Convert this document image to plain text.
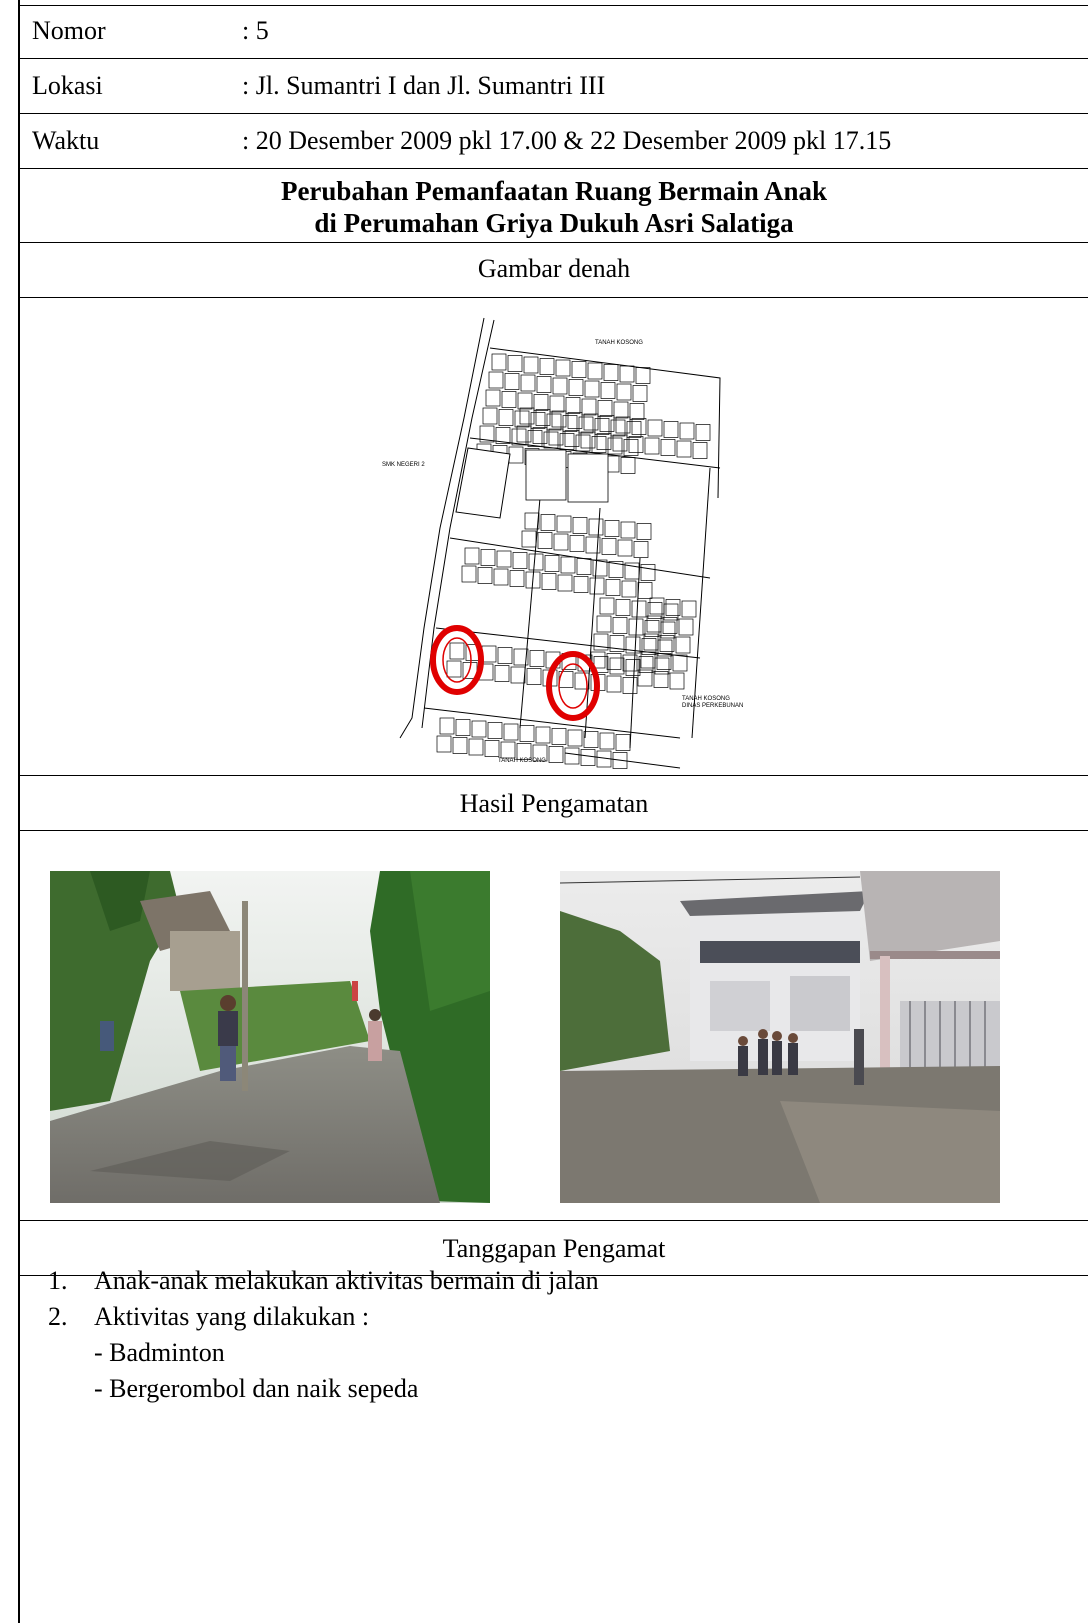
Nomor	: 5
Lokasi	: Jl. Sumantri I dan Jl. Sumantri III
Waktu	: 20 Desember 2009 pkl 17.00 & 22 Desember 2009 pkl 17.15
Perubahan Pemanfaatan Ruang Bermain Anak
di Perumahan Griya Dukuh Asri Salatiga
Gambar denah
TANAH KOSONG
SMK NEGERI 2
TANAH KOSONG
DINAS PERKEBUNAN
TANAH KOSONG
Hasil Pengamatan
Tanggapan Pengamat
1. Anak-anak melakukan aktivitas bermain di jalan
2. Aktivitas yang dilakukan :
- Badminton
- Bergerombol dan naik sepeda
